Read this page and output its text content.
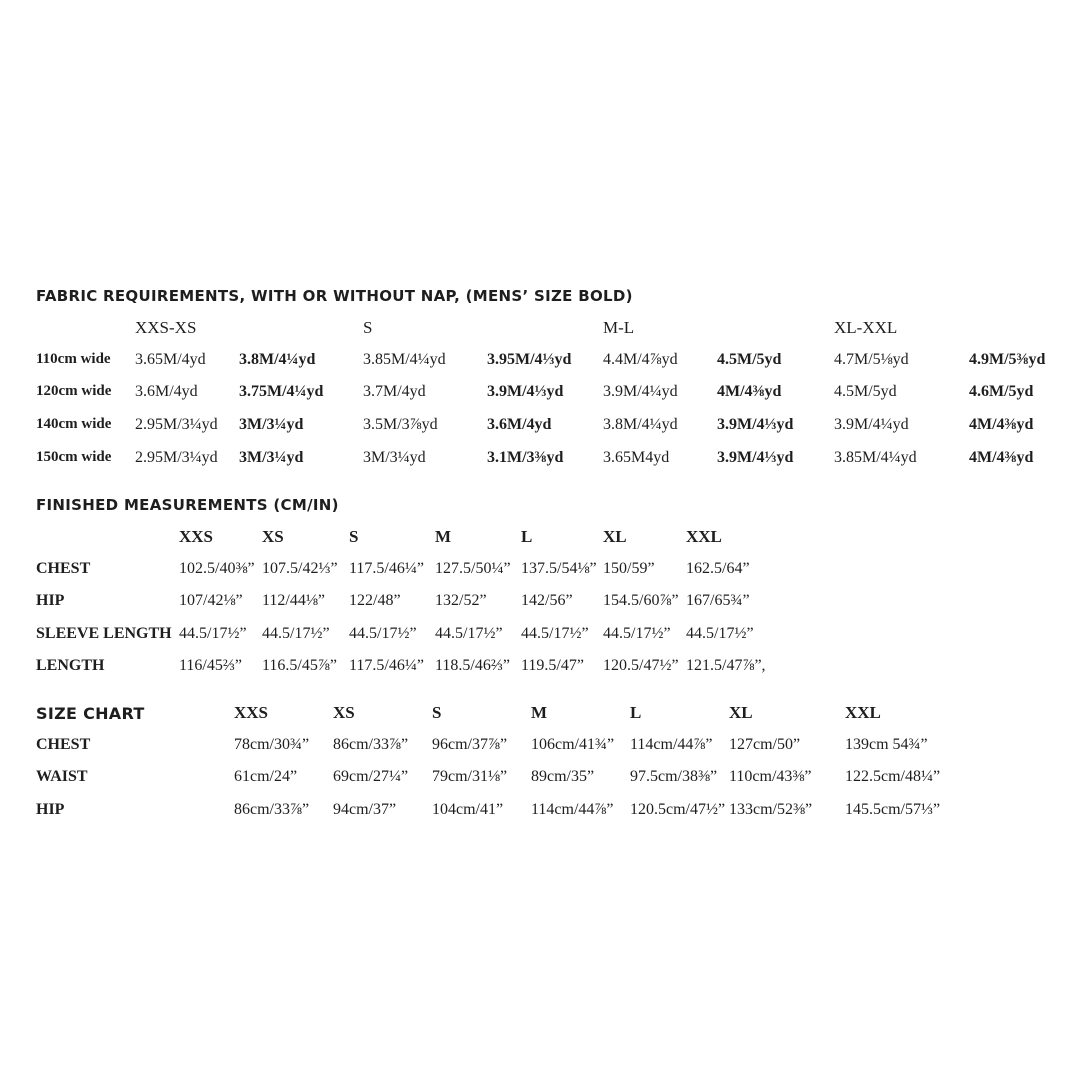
FABRIC REQUIREMENTS, WITH OR WITHOUT NAP, (MENS’ SIZE BOLD)
XXS-XS	S	M-L	XL-XXL
110cm wide 3.65M/4yd 3.8M/4¼yd	3.85M/4¼yd	3.95M/4⅓yd 4.4M/4⅞yd 4.5M/5yd	4.7M/5⅛yd	4.9M/5⅜yd
120cm wide 3.6M/4yd	3.75M/4¼yd 3.7M/4yd	3.9M/4⅓yd 3.9M/4¼yd 4M/4⅜yd	4.5M/5yd	4.6M/5yd
140cm wide 2.95M/3¼yd 3M/3¼yd	3.5M/3⅞yd	3.6M/4yd	3.8M/4¼yd 3.9M/4⅓yd	3.9M/4¼yd	4M/4⅜yd
150cm wide 2.95M/3¼yd 3M/3¼yd	3M/3¼yd	3.1M/3⅜yd 3.65M4yd	3.9M/4⅓yd	3.85M/4¼yd	4M/4⅜yd
FINISHED MEASUREMENTS (CM/IN)
XXS	XS	S	M	L	XL	XXL
CHEST	102.5/40⅜” 107.5/42⅓” 117.5/46¼” 127.5/50¼” 137.5/54⅛” 150/59” 162.5/64”
HIP	107/42⅛” 112/44⅛” 122/48” 132/52” 142/56” 154.5/60⅞” 167/65¾”
SLEEVE LENGTH 44.5/17½” 44.5/17½” 44.5/17½” 44.5/17½” 44.5/17½” 44.5/17½” 44.5/17½”
LENGTH	116/45⅔” 116.5/45⅞” 117.5/46¼” 118.5/46⅔” 119.5/47” 120.5/47½” 121.5/47⅞”,
SIZE CHART	XXS	XS	S	M	L	XL	XXL
CHEST	78cm/30¾” 86cm/33⅞” 96cm/37⅞” 106cm/41¾” 114cm/44⅞” 127cm/50”	139cm 54¾”
WAIST	61cm/24” 69cm/27¼” 79cm/31⅛” 89cm/35” 97.5cm/38⅜” 110cm/43⅜” 122.5cm/48¼”
HIP	86cm/33⅞” 94cm/37” 104cm/41” 114cm/44⅞” 120.5cm/47½” 133cm/52⅜” 145.5cm/57⅓”
